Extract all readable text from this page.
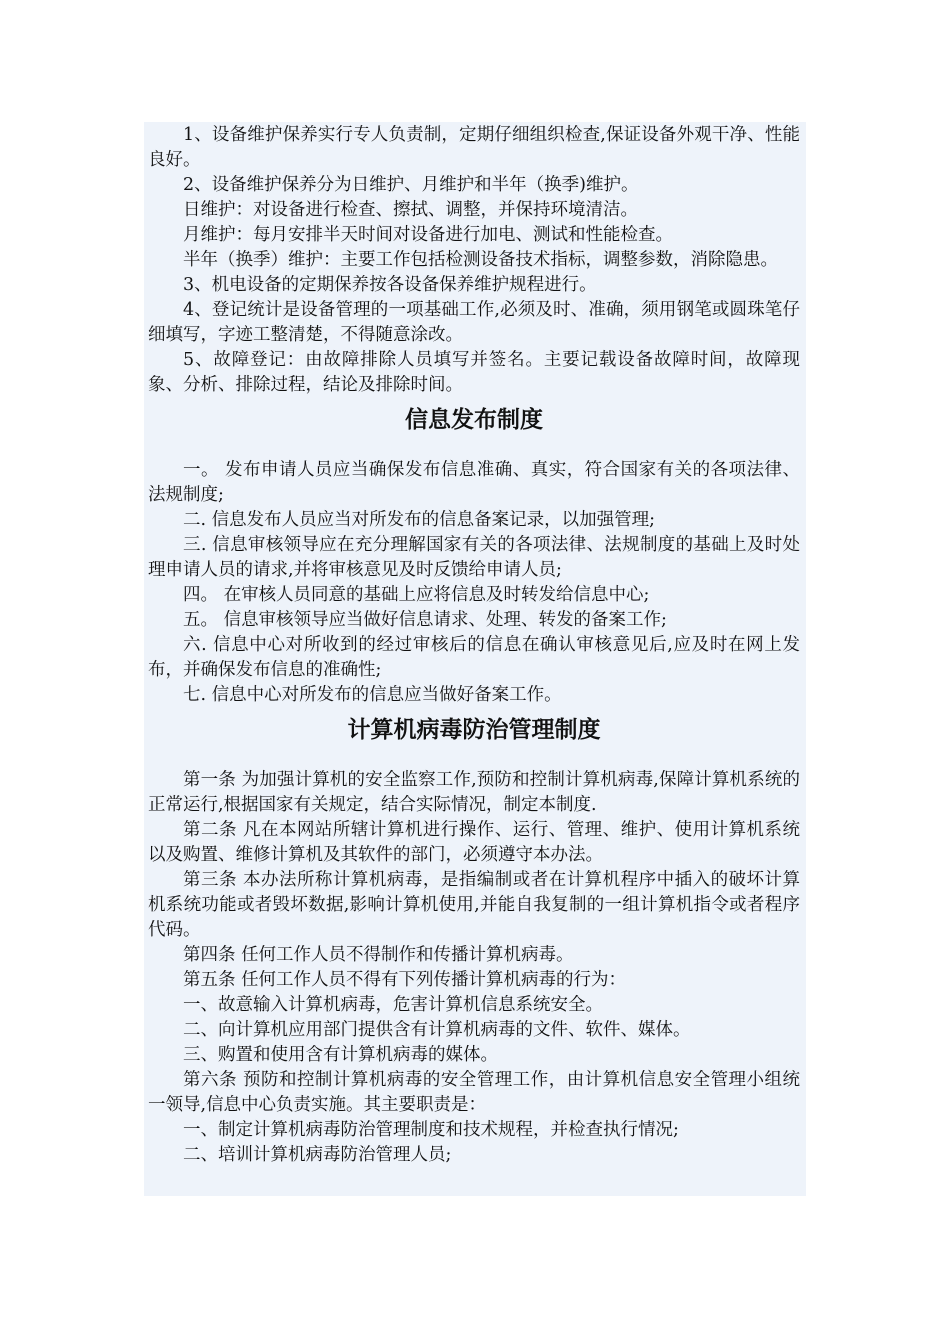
1、设备维护保养实行专人负责制，定期仔细组织检查,保证设备外观干净、性能良好。

2、设备维护保养分为日维护、月维护和半年（换季)维护。

日维护：对设备进行检查、擦拭、调整，并保持环境清洁。

月维护：每月安排半天时间对设备进行加电、测试和性能检查。

半年（换季）维护：主要工作包括检测设备技术指标，调整参数，消除隐患。

3、机电设备的定期保养按各设备保养维护规程进行。

4、登记统计是设备管理的一项基础工作,必须及时、准确，须用钢笔或圆珠笔仔细填写，字迹工整清楚，不得随意涂改。

5、故障登记：由故障排除人员填写并签名。主要记载设备故障时间，故障现象、分析、排除过程，结论及排除时间。

信息发布制度

一。 发布申请人员应当确保发布信息准确、真实，符合国家有关的各项法律、法规制度;

二. 信息发布人员应当对所发布的信息备案记录，以加强管理;

三. 信息审核领导应在充分理解国家有关的各项法律、法规制度的基础上及时处理申请人员的请求,并将审核意见及时反馈给申请人员;

四。 在审核人员同意的基础上应将信息及时转发给信息中心;

五。 信息审核领导应当做好信息请求、处理、转发的备案工作;

六. 信息中心对所收到的经过审核后的信息在确认审核意见后,应及时在网上发布，并确保发布信息的准确性;

七. 信息中心对所发布的信息应当做好备案工作。

计算机病毒防治管理制度

第一条 为加强计算机的安全监察工作,预防和控制计算机病毒,保障计算机系统的正常运行,根据国家有关规定，结合实际情况，制定本制度.

第二条 凡在本网站所辖计算机进行操作、运行、管理、维护、使用计算机系统以及购置、维修计算机及其软件的部门，必须遵守本办法。

第三条 本办法所称计算机病毒，是指编制或者在计算机程序中插入的破坏计算机系统功能或者毁坏数据,影响计算机使用,并能自我复制的一组计算机指令或者程序代码。

第四条 任何工作人员不得制作和传播计算机病毒。

第五条 任何工作人员不得有下列传播计算机病毒的行为：

一、故意输入计算机病毒，危害计算机信息系统安全。

二、向计算机应用部门提供含有计算机病毒的文件、软件、媒体。

三、购置和使用含有计算机病毒的媒体。

第六条 预防和控制计算机病毒的安全管理工作，由计算机信息安全管理小组统一领导,信息中心负责实施。其主要职责是：

一、制定计算机病毒防治管理制度和技术规程，并检查执行情况;

二、培训计算机病毒防治管理人员;
